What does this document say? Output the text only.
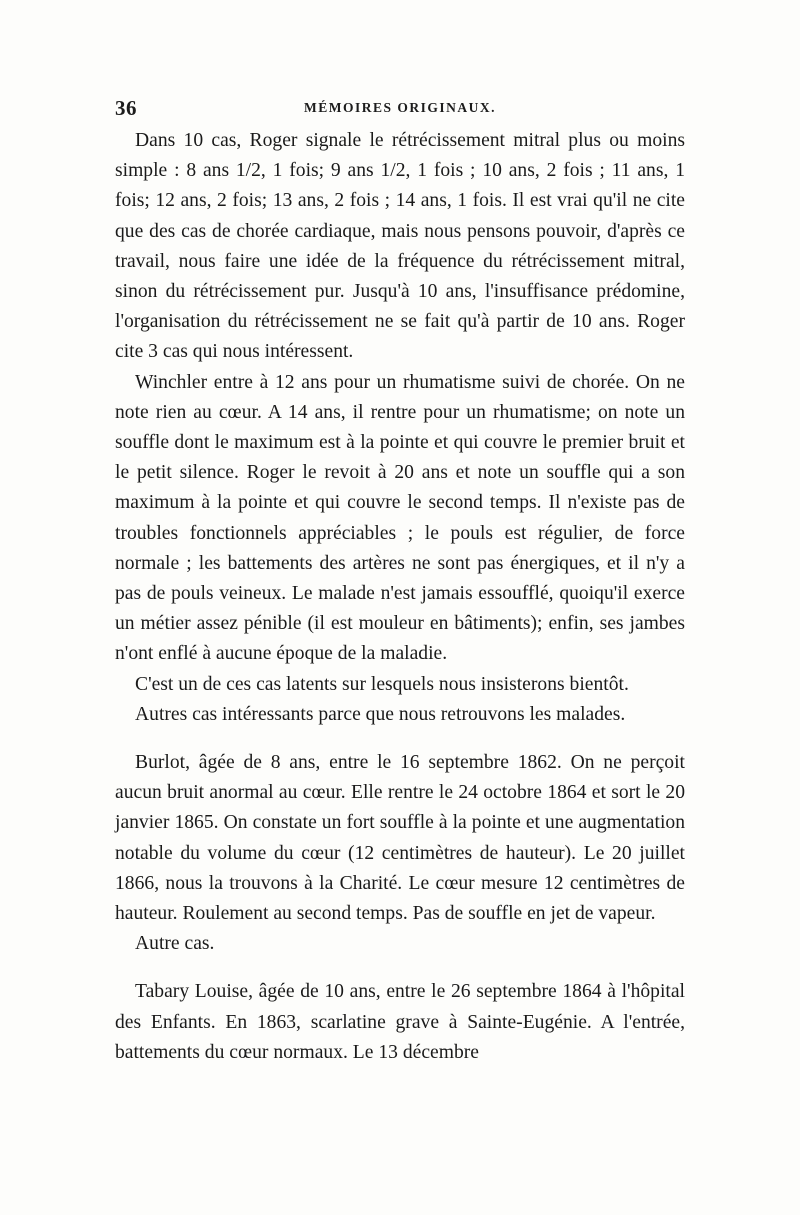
36	MÉMOIRES ORIGINAUX.

Dans 10 cas, Roger signale le rétrécissement mitral plus ou moins simple : 8 ans 1/2, 1 fois; 9 ans 1/2, 1 fois ; 10 ans, 2 fois ; 11 ans, 1 fois; 12 ans, 2 fois; 13 ans, 2 fois ; 14 ans, 1 fois. Il est vrai qu'il ne cite que des cas de chorée cardiaque, mais nous pensons pouvoir, d'après ce travail, nous faire une idée de la fréquence du rétrécissement mitral, sinon du rétrécissement pur. Jusqu'à 10 ans, l'insuffisance prédomine, l'organisation du rétrécissement ne se fait qu'à partir de 10 ans. Roger cite 3 cas qui nous intéressent.

Winchler entre à 12 ans pour un rhumatisme suivi de chorée. On ne note rien au cœur. A 14 ans, il rentre pour un rhumatisme; on note un souffle dont le maximum est à la pointe et qui couvre le premier bruit et le petit silence. Roger le revoit à 20 ans et note un souffle qui a son maximum à la pointe et qui couvre le second temps. Il n'existe pas de troubles fonctionnels appréciables ; le pouls est régulier, de force normale ; les battements des artères ne sont pas énergiques, et il n'y a pas de pouls veineux. Le malade n'est jamais essoufflé, quoiqu'il exerce un métier assez pénible (il est mouleur en bâtiments); enfin, ses jambes n'ont enflé à aucune époque de la maladie.

C'est un de ces cas latents sur lesquels nous insisterons bientôt.

Autres cas intéressants parce que nous retrouvons les malades.

Burlot, âgée de 8 ans, entre le 16 septembre 1862. On ne perçoit aucun bruit anormal au cœur. Elle rentre le 24 octobre 1864 et sort le 20 janvier 1865. On constate un fort souffle à la pointe et une augmentation notable du volume du cœur (12 centimètres de hauteur). Le 20 juillet 1866, nous la trouvons à la Charité. Le cœur mesure 12 centimètres de hauteur. Roulement au second temps. Pas de souffle en jet de vapeur.

Autre cas.

Tabary Louise, âgée de 10 ans, entre le 26 septembre 1864 à l'hôpital des Enfants. En 1863, scarlatine grave à Sainte-Eugénie. A l'entrée, battements du cœur normaux. Le 13 décembre
